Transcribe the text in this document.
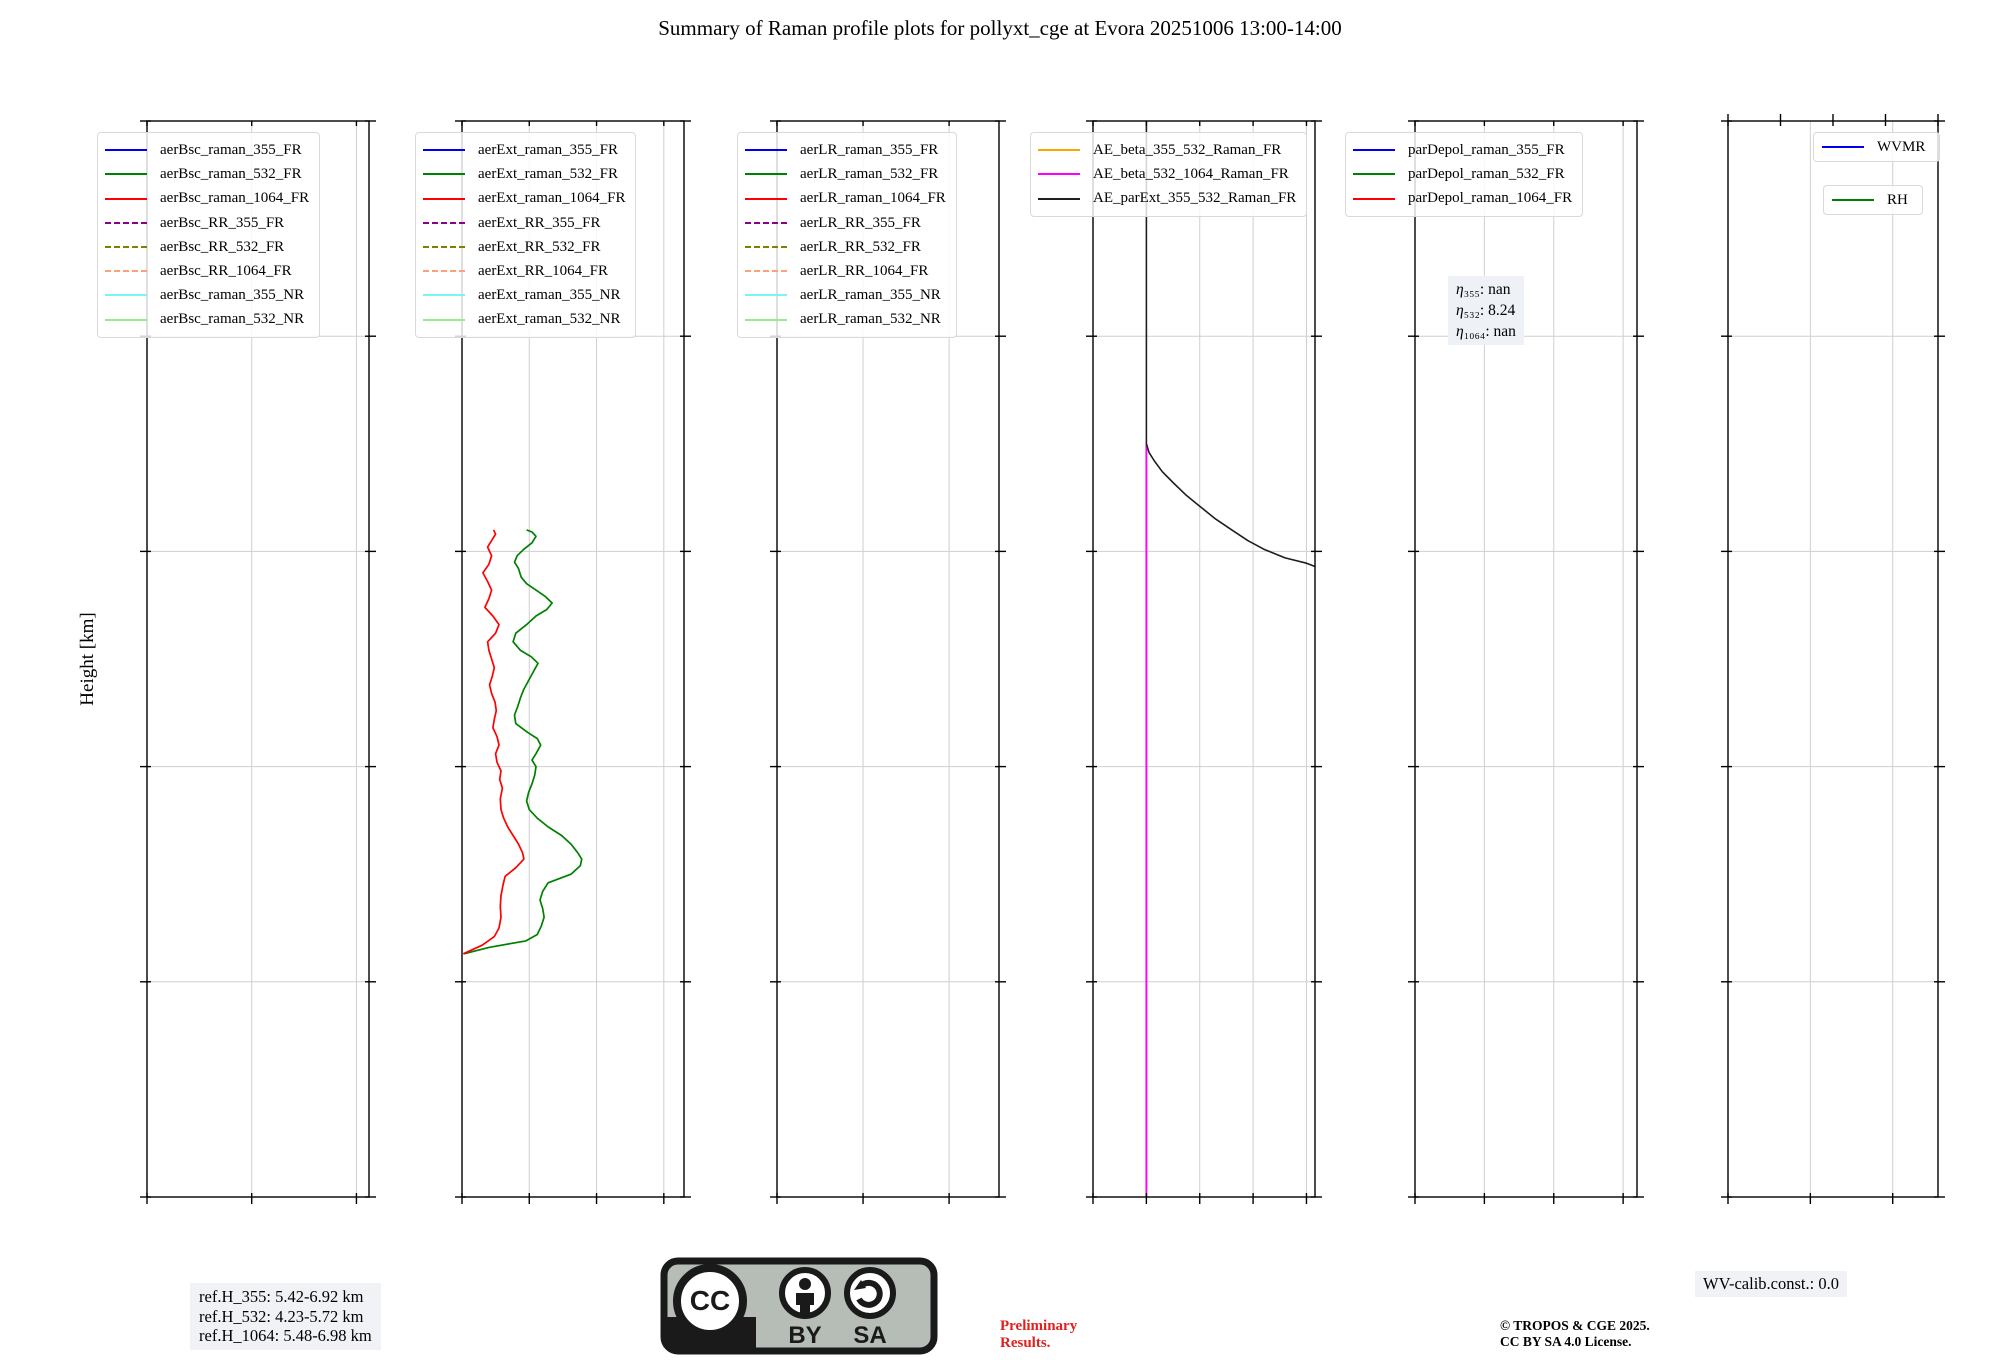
Summary of Raman profile plots for pollyxt_cge at Evora 20251006 13:00-14:00
Height [km]
aerBsc_raman_355_FR
aerBsc_raman_532_FR
aerBsc_raman_1064_FR
aerBsc_RR_355_FR
aerBsc_RR_532_FR
aerBsc_RR_1064_FR
aerBsc_raman_355_NR
aerBsc_raman_532_NR
aerExt_raman_355_FR
aerExt_raman_532_FR
aerExt_raman_1064_FR
aerExt_RR_355_FR
aerExt_RR_532_FR
aerExt_RR_1064_FR
aerExt_raman_355_NR
aerExt_raman_532_NR
aerLR_raman_355_FR
aerLR_raman_532_FR
aerLR_raman_1064_FR
aerLR_RR_355_FR
aerLR_RR_532_FR
aerLR_RR_1064_FR
aerLR_raman_355_NR
aerLR_raman_532_NR
AE_beta_355_532_Raman_FR
AE_beta_532_1064_Raman_FR
AE_parExt_355_532_Raman_FR
parDepol_raman_355_FR
parDepol_raman_532_FR
parDepol_raman_1064_FR
WVMR
RH
η₃₅₅: nan
η₅₃₂: 8.24
η₁₀₆₄: nan
ref.H_355: 5.42-6.92 km
ref.H_532: 4.23-5.72 km
ref.H_1064: 5.48-6.98 km
CC
BY SA	Preliminary
Results.
© TROPOS & CGE 2025.
CC BY SA 4.0 License.
WV-calib.const.: 0.0
